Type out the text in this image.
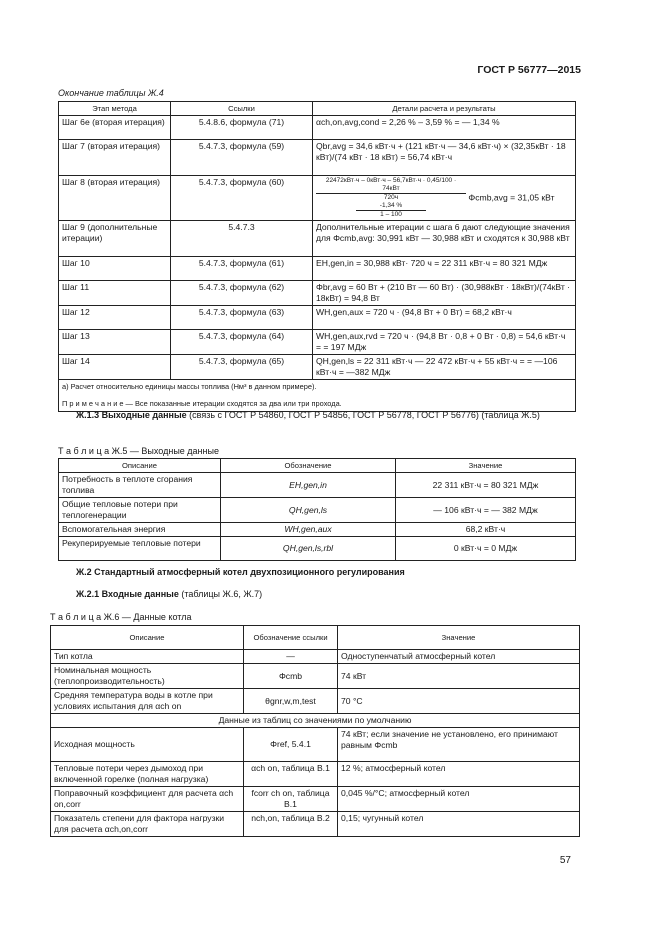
ГОСТ Р 56777—2015
Окончание таблицы Ж.4
Этап метода	Ссылки	Детали расчета и результаты
Шаг 6е (вторая итерация)	5.4.8.6, формула (71)	αch,on,avg,cond = 2,26 % – 3,59 % = — 1,34 %
Шаг 7 (вторая итерация)	5.4.7.3, формула (59)	Qbr,avg = 34,6 кВт·ч + (121 кВт·ч — 34,6 кВт·ч) × (32,35кВт · 18 кВт)/(74 кВт · 18 кВт) = 56,74 кВт·ч
Шаг 8 (вторая итерация)	5.4.7.3, формула (60)	22472кВт·ч – 0кВт·ч – 56,7кВт·ч · 0,45/100 · 74кВт
720ч
-1,34 %
1 – 100
Φcmb,avg = 31,05 кВт
Шаг 9 (дополнительные итерации)	5.4.7.3	Дополнительные итерации с шага 6 дают следующие значения для Φcmb,avg: 30,991 кВт — 30,988 кВт и сходятся к 30,988 кВт
Шаг 10	5.4.7.3, формула (61)	EH,gen,in = 30,988 кВт· 720 ч = 22 311 кВт·ч = 80 321 МДж
Шаг 11	5.4.7.3, формула (62)	Φbr,avg = 60 Вт + (210 Вт — 60 Вт) · (30,988кВт · 18кВт)/(74кВт · 18кВт) = 94,8 Вт
Шаг 12	5.4.7.3, формула (63)	WH,gen,aux = 720 ч · (94,8 Вт + 0 Вт) = 68,2 кВт·ч
Шаг 13	5.4.7.3, формула (64)	WH,gen,aux,rvd = 720 ч · (94,8 Вт · 0,8 + 0 Вт · 0,8) = 54,6 кВт·ч = = 197 МДж
Шаг 14	5.4.7.3, формула (65)	QH,gen,ls = 22 311 кВт·ч — 22 472 кВт·ч + 55 кВт·ч = = —106 кВт·ч = —382 МДж

а) Расчет относительно единицы массы топлива (Нм³ в данном примере).
П р и м е ч а н и е — Все показанные итерации сходятся за два или три прохода.		
Ж.1.3 Выходные данные (связь с ГОСТ Р 54860, ГОСТ Р 54856, ГОСТ Р 56778, ГОСТ Р 56776) (таблица Ж.5)
Т а б л и ц а Ж.5 — Выходные данные
Описание	Обозначение	Значение
Потребность в теплоте сгорания топлива	EH,gen,in	22 311 кВт·ч = 80 321 МДж
Общие тепловые потери при теплогенерации	QH,gen,ls	— 106 кВт·ч = — 382 МДж
Вспомогательная энергия	WH,gen,aux	68,2 кВт·ч
Рекуперируемые тепловые потери	QH,gen,ls,rbl	0 кВт·ч = 0 МДж
Ж.2 Стандартный атмосферный котел двухпозиционного регулирования
Ж.2.1 Входные данные (таблицы Ж.6, Ж.7)
Т а б л и ц а Ж.6 — Данные котла
Описание	Обозначение ссылки	Значение
Тип котла	—	Одноступенчатый атмосферный котел
Номинальная мощность (теплопроизводительность)	Φcmb	74 кВт
Средняя температура воды в котле при условиях испытания для αch on	θgnr,w,m,test	70 °С
Данные из таблиц со значениями по умолчанию		
Исходная мощность	Φref, 5.4.1	74 кВт; если значение не установлено, его принимают равным Φcmb
Тепловые потери через дымоход при включенной горелке (полная нагрузка)	αch on, таблица В.1	12 %; атмосферный котел
Поправочный коэффициент для расчета αch on,corr	fcorr ch on, таблица В.1	0,045 %/°С; атмосферный котел
Показатель степени для фактора нагрузки для расчета αch,on,corr	nch,on, таблица В.2	0,15; чугунный котел
57
